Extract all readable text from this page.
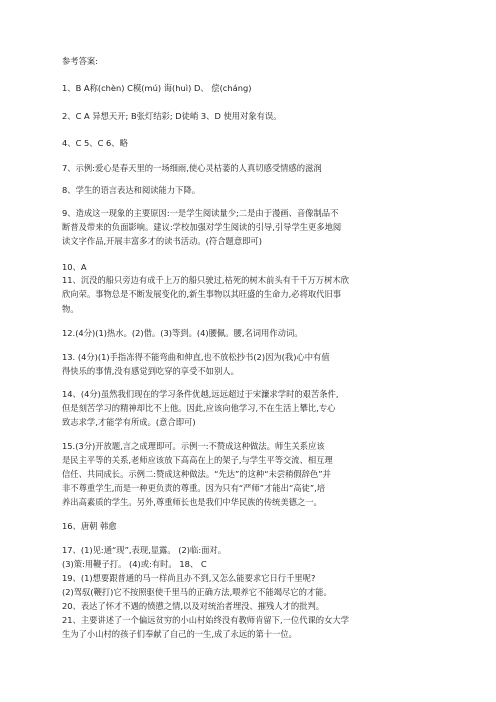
参考答案:
1、B A称(chèn) C模(mú) 诲(huì) D、 偿(cháng)
2、C A 异想天开; B张灯结彩; D徒峭 3、D 使用对象有误。
4、C 5、C 6、略
7、示例:爱心是春天里的一场细雨,使心灵枯萎的人真切感受情感的滋润
8、学生的语言表达和阅读能力下降。
9、造成这一现象的主要原因:一是学生阅读量少;二是由于漫画、音像制品不
断普及带来的负面影响。建议:学校加强对学生阅读的引导,引导学生更多地阅
读文字作品,开展丰富多才的读书活动。(符合题意即可)
10、A
11、沉没的船只旁边有成千上万的船只驶过,枯死的树木前头有千千万万树木欣
欣向荣。事物总是不断发展变化的,新生事物以其旺盛的生命力,必将取代旧事
物。
12.(4分)(1)热水。(2)借。(3)等到。(4)腰佩。腰,名词用作动词。
13. (4分)(1)手指冻得不能弯曲和伸直,也不放松抄书(2)因为(我)心中有值
得快乐的事情,没有感觉到吃穿的享受不如别人。
14、(4分)虽然我们现在的学习条件优越,远远超过于宋濂求学时的艰苦条件,
但是刻苦学习的精神却比不上他。因此,应该向他学习,不在生活上攀比,专心
致志求学,才能学有所成。(意合即可)
15.(3分)开放题,言之成理即可。示例一:不赞成这种做法。师生关系应该
是民主平等的关系,老师应该放下高高在上的架子,与学生平等交流、相互理
信任、共同成长。示例二:赞成这种做法。“先达”的这种“未尝稍假辞色”并
非不尊重学生,而是一种更负责的尊重。因为只有“严师”才能出“高徒”,培
养出高素质的学生。另外,尊重师长也是我们中华民族的传统美德之一。
16、唐朝 韩愈
17、(1)见:通“现”,表现,显露。 (2)临:面对。
(3)策:用鞭子打。 (4)或:有时。 18、 C
19、(1)想要跟普通的马一样尚且办不到,又怎么能要求它日行千里呢?
(2)驾驭(鞭打)它不按照驱使千里马的正确方法,喂养它不能竭尽它的才能。
20、表达了怀才不遇的愤懑之情,以及对统治者埋没、摧残人才的批判。
21、主要讲述了一个偏远贫穷的小山村始终没有教师肯留下,一位代课的女大学
生为了小山村的孩子们奉献了自己的一生,成了永远的第十一位。
